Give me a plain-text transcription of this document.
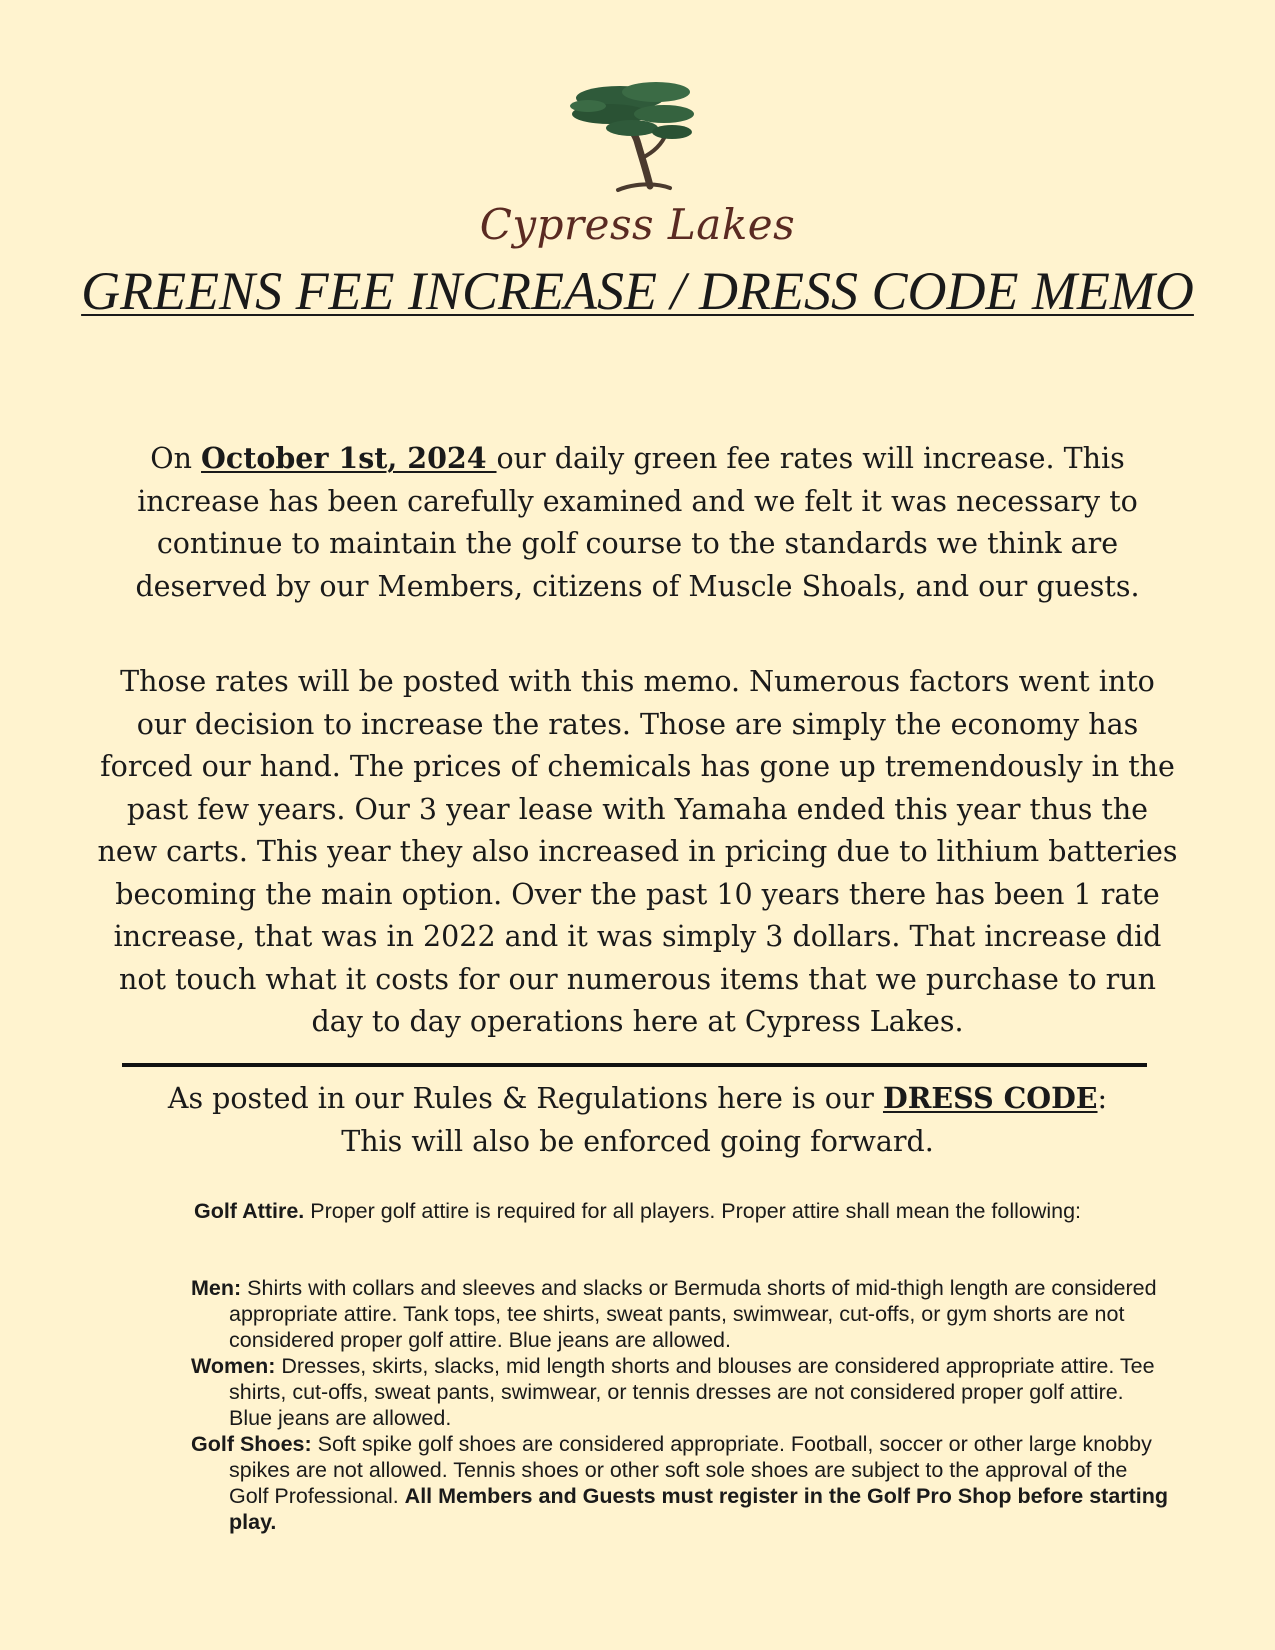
Cypress Lakes
GREENS FEE INCREASE / DRESS CODE MEMO

On October 1st, 2024 our daily green fee rates will increase. This increase has been carefully examined and we felt it was necessary to continue to maintain the golf course to the standards we think are deserved by our Members, citizens of Muscle Shoals, and our guests.

Those rates will be posted with this memo. Numerous factors went into our decision to increase the rates. Those are simply the economy has forced our hand. The prices of chemicals has gone up tremendously in the past few years. Our 3 year lease with Yamaha ended this year thus the new carts. This year they also increased in pricing due to lithium batteries becoming the main option. Over the past 10 years there has been 1 rate increase, that was in 2022 and it was simply 3 dollars. That increase did not touch what it costs for our numerous items that we purchase to run day to day operations here at Cypress Lakes.

As posted in our Rules & Regulations here is our DRESS CODE:
This will also be enforced going forward.

Golf Attire. Proper golf attire is required for all players. Proper attire shall mean the following:

Men: Shirts with collars and sleeves and slacks or Bermuda shorts of mid-thigh length are considered appropriate attire. Tank tops, tee shirts, sweat pants, swimwear, cut-offs, or gym shorts are not considered proper golf attire. Blue jeans are allowed.

Women: Dresses, skirts, slacks, mid length shorts and blouses are considered appropriate attire. Tee shirts, cut-offs, sweat pants, swimwear, or tennis dresses are not considered proper golf attire. Blue jeans are allowed.

Golf Shoes: Soft spike golf shoes are considered appropriate. Football, soccer or other large knobby spikes are not allowed. Tennis shoes or other soft sole shoes are subject to the approval of the Golf Professional. All Members and Guests must register in the Golf Pro Shop before starting play.
